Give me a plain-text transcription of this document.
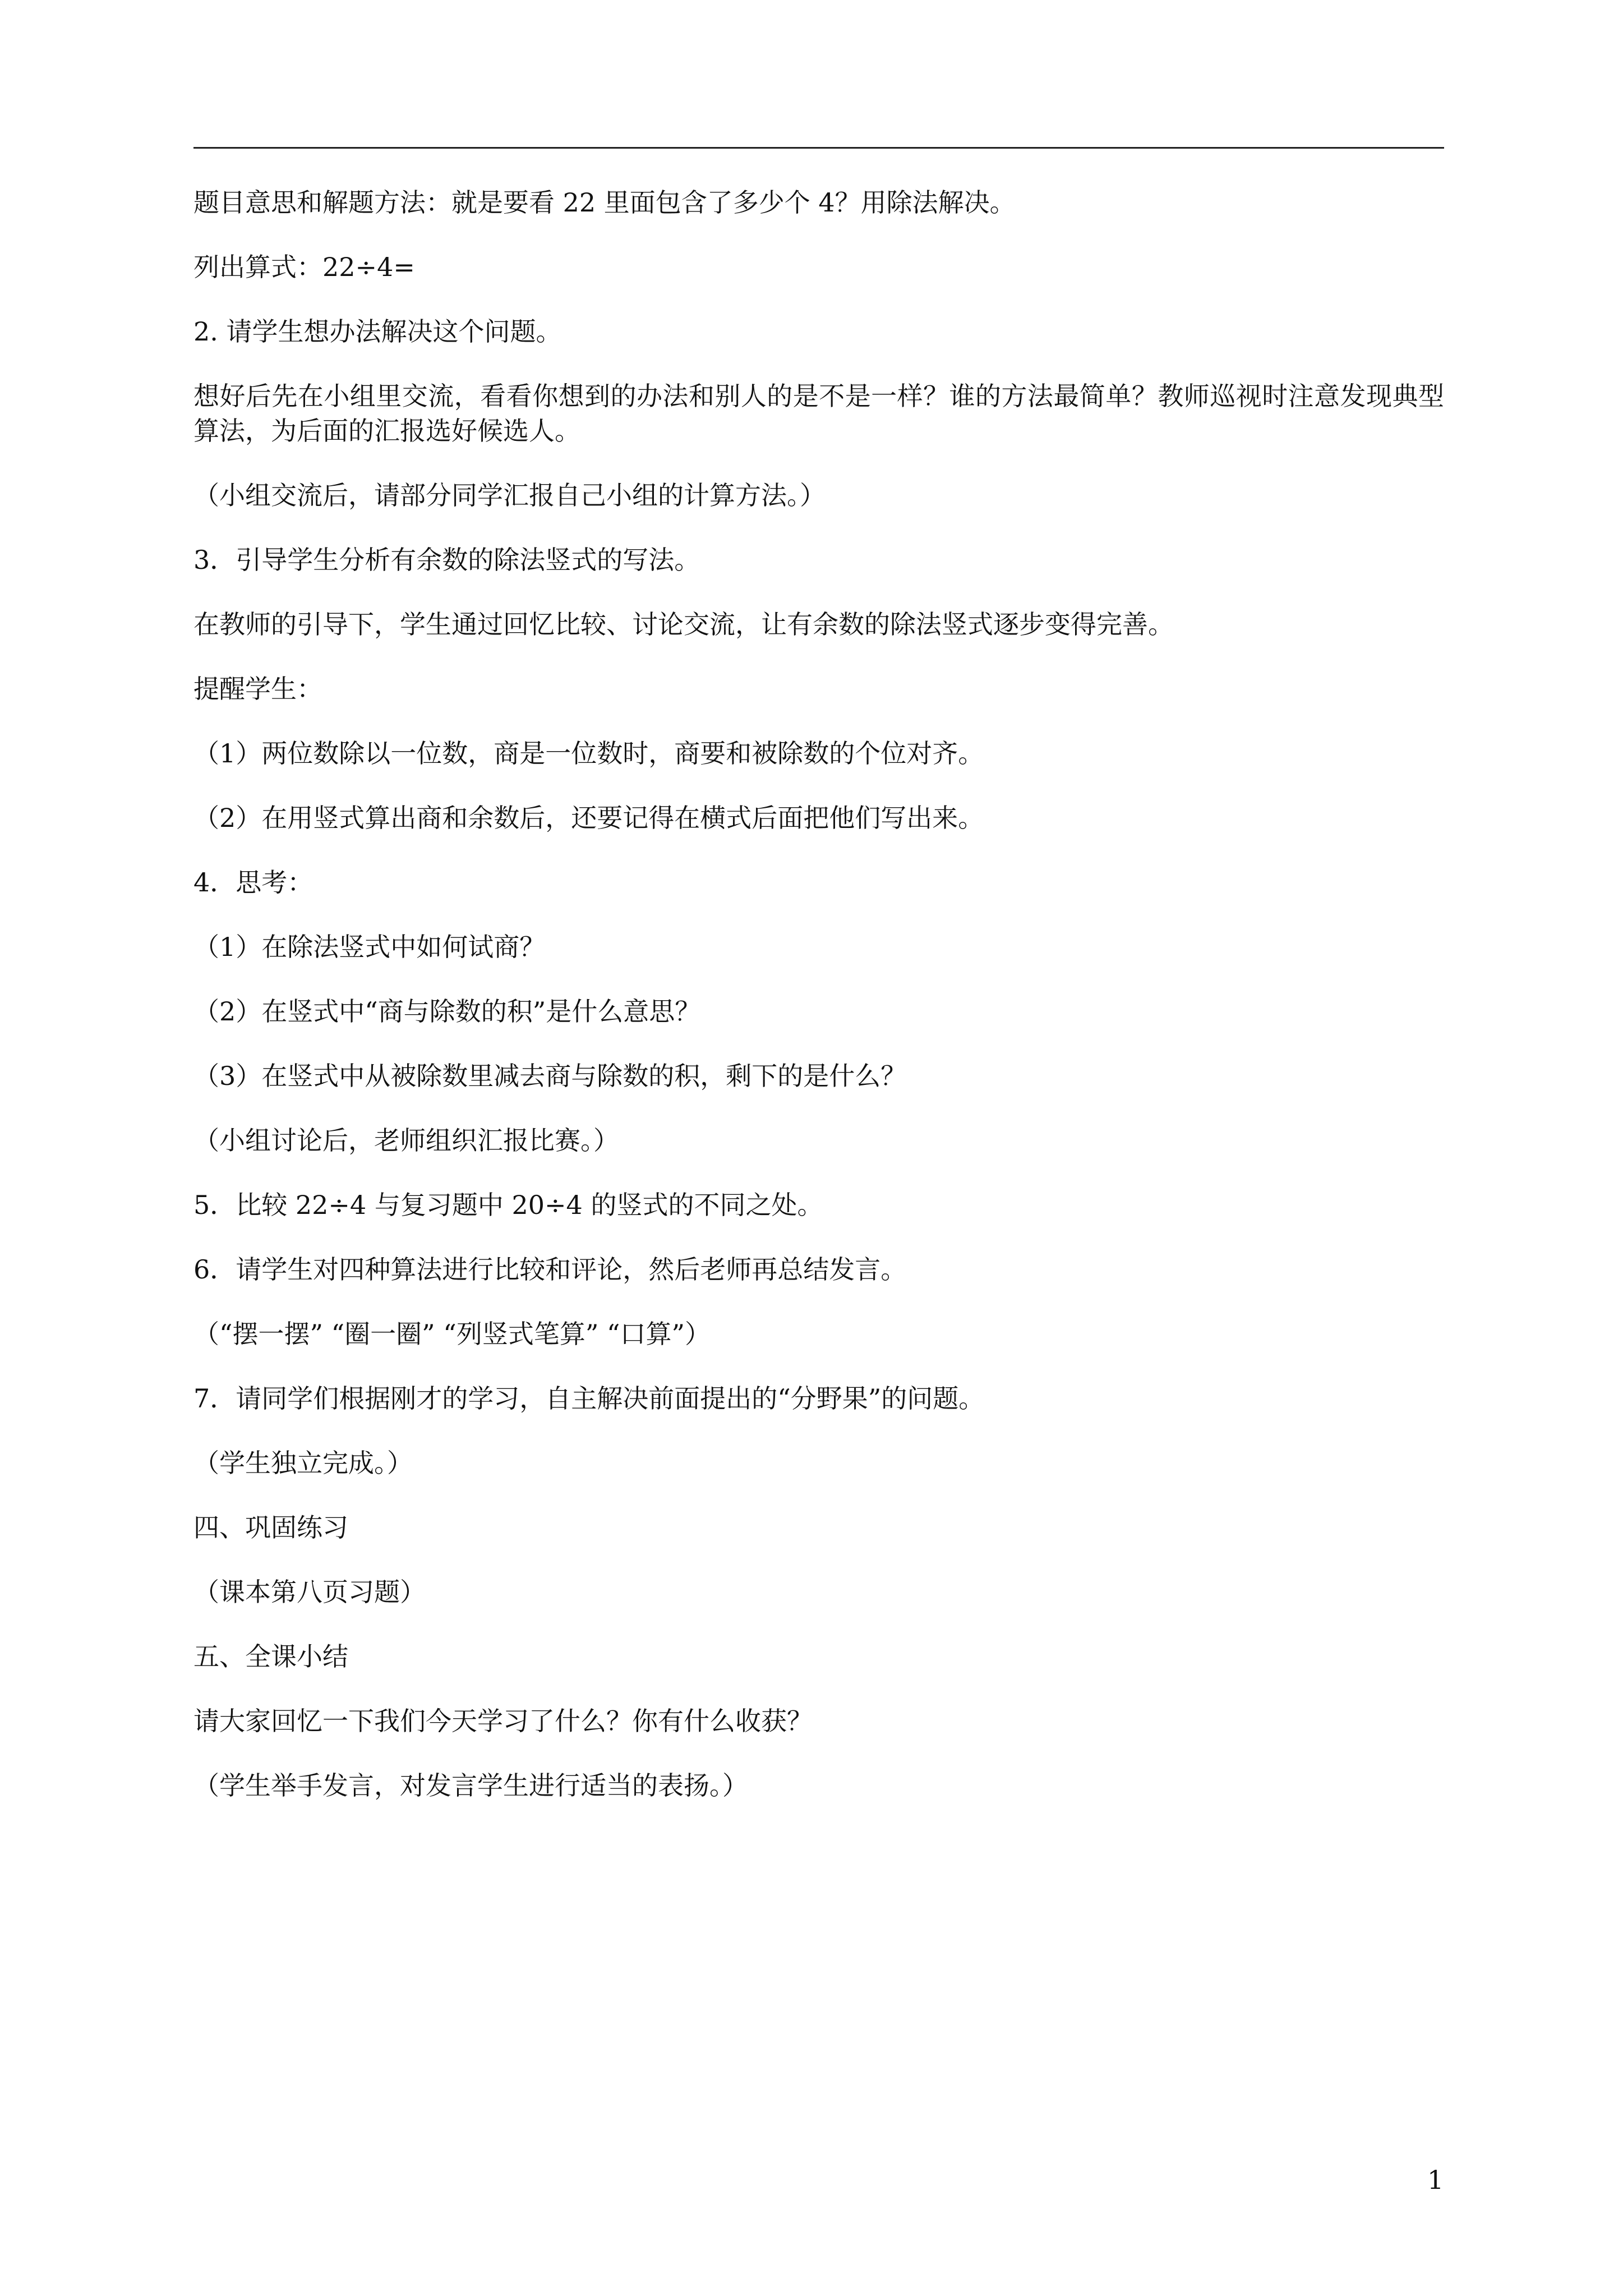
题目意思和解题方法：就是要看 22 里面包含了多少个 4？用除法解决。

列出算式：22÷4=

2. 请学生想办法解决这个问题。

想好后先在小组里交流，看看你想到的办法和别人的是不是一样？谁的方法最简单？教师巡视时注意发现典型算法，为后面的汇报选好候选人。

（小组交流后，请部分同学汇报自己小组的计算方法。）

3．引导学生分析有余数的除法竖式的写法。

在教师的引导下，学生通过回忆比较、讨论交流，让有余数的除法竖式逐步变得完善。

提醒学生：

（1）两位数除以一位数，商是一位数时，商要和被除数的个位对齐。

（2）在用竖式算出商和余数后，还要记得在横式后面把他们写出来。

4．思考：

（1）在除法竖式中如何试商？

（2）在竖式中“商与除数的积”是什么意思？

（3）在竖式中从被除数里减去商与除数的积，剩下的是什么？

（小组讨论后，老师组织汇报比赛。）

5．比较 22÷4 与复习题中 20÷4 的竖式的不同之处。

6．请学生对四种算法进行比较和评论，然后老师再总结发言。

（“摆一摆” “圈一圈” “列竖式笔算” “口算”）

7．请同学们根据刚才的学习，自主解决前面提出的“分野果”的问题。

（学生独立完成。）

四、巩固练习

（课本第八页习题）

五、全课小结

请大家回忆一下我们今天学习了什么？你有什么收获？

（学生举手发言，对发言学生进行适当的表扬。）

1
